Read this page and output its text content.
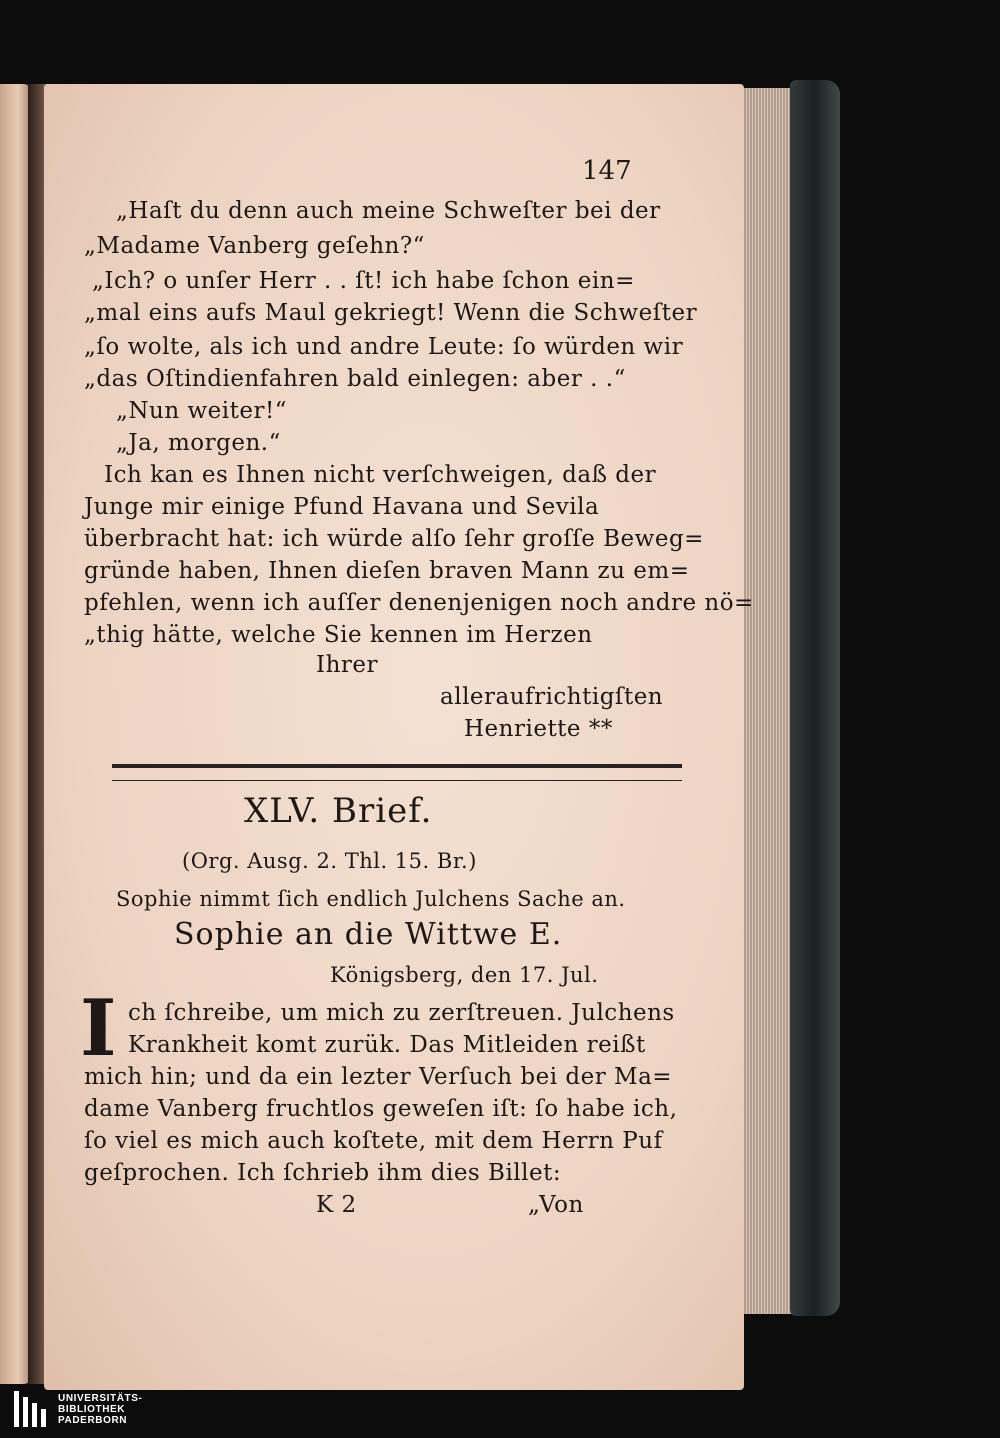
147
„Haſt du denn auch meine Schweſter bei der
„Madame Vanberg geſehn?“
„Ich? o unſer Herr . . ſt! ich habe ſchon ein=
„mal eins aufs Maul gekriegt! Wenn die Schweſter
„ſo wolte, als ich und andre Leute: ſo würden wir
„das Oſtindienfahren bald einlegen: aber . .“
„Nun weiter!“
„Ja, morgen.“
Ich kan es Ihnen nicht verſchweigen, daß der
Junge mir einige Pfund Havana und Sevila
überbracht hat: ich würde alſo ſehr groſſe Beweg=
gründe haben, Ihnen dieſen braven Mann zu em=
pfehlen, wenn ich auſſer denenjenigen noch andre nö=
„thig hätte, welche Sie kennen im Herzen
Ihrer
alleraufrichtigſten
Henriette **
XLV. Brief.
(Org. Ausg. 2. Thl. 15. Br.)
Sophie nimmt ſich endlich Julchens Sache an.
Sophie an die Wittwe E.
Königsberg, den 17. Jul.
I ch ſchreibe, um mich zu zerſtreuen. Julchens
Krankheit komt zurük. Das Mitleiden reißt
mich hin; und da ein lezter Verſuch bei der Ma=
dame Vanberg fruchtlos geweſen iſt: ſo habe ich,
ſo viel es mich auch koſtete, mit dem Herrn Puf
geſprochen. Ich ſchrieb ihm dies Billet:
K 2	„Von
UNIVERSITÄTS-
BIBLIOTHEK
PADERBORN
